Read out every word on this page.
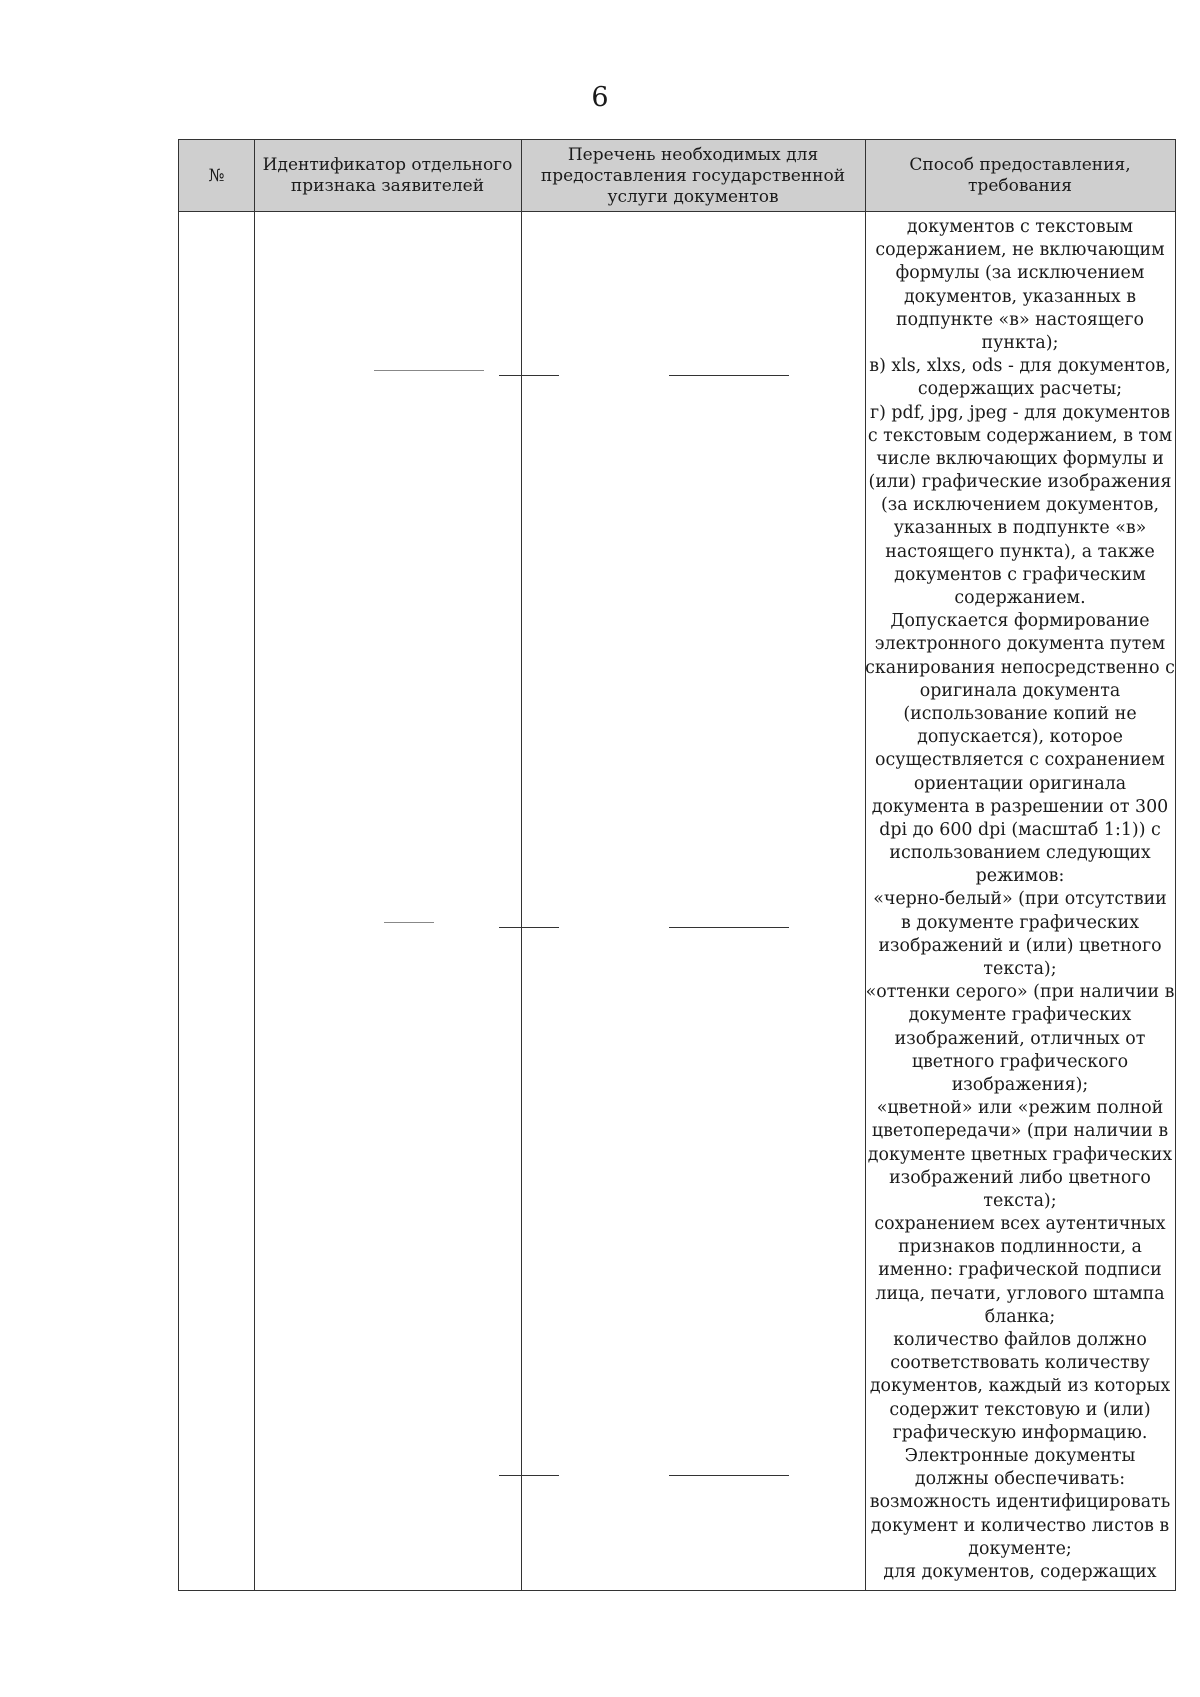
6
№
Идентификатор отдельного признака заявителей
Перечень необходимых для предоставления государственной услуги документов
Способ предоставления, требования
документов с текстовым
содержанием, не включающим
формулы (за исключением
документов, указанных в
подпункте «в» настоящего
пункта);
в) xls, xlxs, ods - для документов,
содержащих расчеты;
г) pdf, jpg, jpeg - для документов
с текстовым содержанием, в том
числе включающих формулы и
(или) графические изображения
(за исключением документов,
указанных в подпункте «в»
настоящего пункта), а также
документов с графическим
содержанием.
Допускается формирование
электронного документа путем
сканирования непосредственно с
оригинала документа
(использование копий не
допускается), которое
осуществляется с сохранением
ориентации оригинала
документа в разрешении от 300
dpi до 600 dpi (масштаб 1:1)) с
использованием следующих
режимов:
«черно-белый» (при отсутствии
в документе графических
изображений и (или) цветного
текста);
«оттенки серого» (при наличии в
документе графических
изображений, отличных от
цветного графического
изображения);
«цветной» или «режим полной
цветопередачи» (при наличии в
документе цветных графических
изображений либо цветного
текста);
сохранением всех аутентичных
признаков подлинности, а
именно: графической подписи
лица, печати, углового штампа
бланка;
количество файлов должно
соответствовать количеству
документов, каждый из которых
содержит текстовую и (или)
графическую информацию.
Электронные документы
должны обеспечивать:
возможность идентифицировать
документ и количество листов в
документе;
для документов, содержащих
